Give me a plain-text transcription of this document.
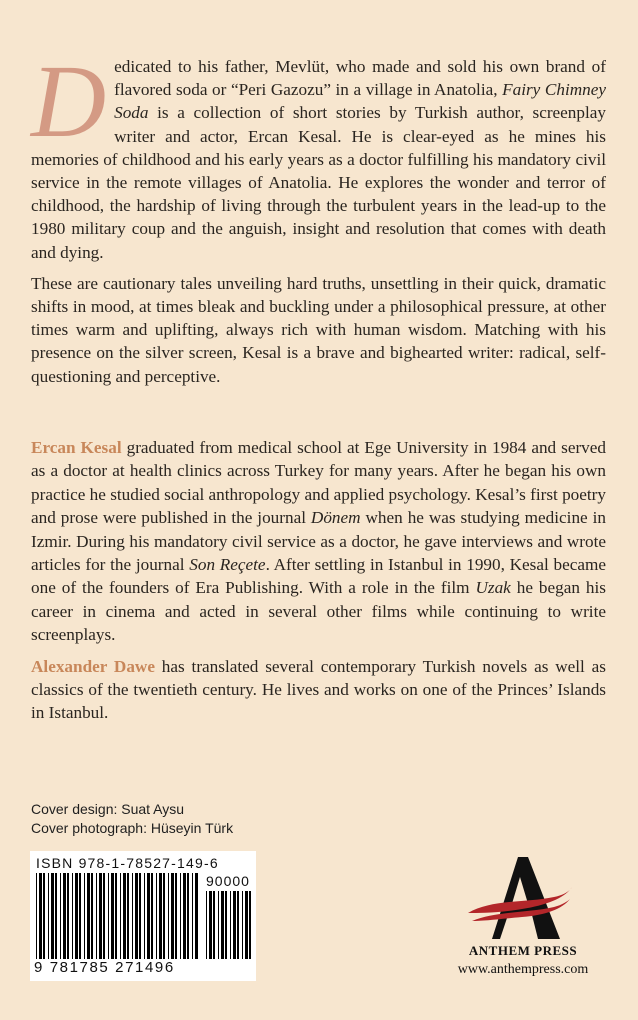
Dedicated to his father, Mevlüt, who made and sold his own brand of flavored soda or “Peri Gazozu” in a village in Anatolia, Fairy Chimney Soda is a collection of short stories by Turkish author, screenplay writer and actor, Ercan Kesal. He is clear-eyed as he mines his memories of childhood and his early years as a doctor fulfilling his mandatory civil service in the remote villages of Anatolia. He explores the wonder and terror of childhood, the hardship of living through the turbulent years in the lead-up to the 1980 military coup and the anguish, insight and resolution that comes with death and dying.

These are cautionary tales unveiling hard truths, unsettling in their quick, dramatic shifts in mood, at times bleak and buckling under a philosophical pressure, at other times warm and uplifting, always rich with human wisdom. Matching with his presence on the silver screen, Kesal is a brave and bighearted writer: radical, self-questioning and perceptive.

Ercan Kesal graduated from medical school at Ege University in 1984 and served as a doctor at health clinics across Turkey for many years. After he began his own practice he studied social anthropology and applied psychology. Kesal’s first poetry and prose were published in the journal Dönem when he was studying medicine in Izmir. During his mandatory civil service as a doctor, he gave interviews and wrote articles for the journal Son Reçete. After settling in Istanbul in 1990, Kesal became one of the founders of Era Publishing. With a role in the film Uzak he began his career in cinema and acted in several other films while continuing to write screenplays.

Alexander Dawe has translated several contemporary Turkish novels as well as classics of the twentieth century. He lives and works on one of the Princes’ Islands in Istanbul.

Cover design: Suat Aysu
Cover photograph: Hüseyin Türk
ISBN 978-1-78527-149-6
90000
9 781785 271496
ANTHEM PRESS
www.anthempress.com
